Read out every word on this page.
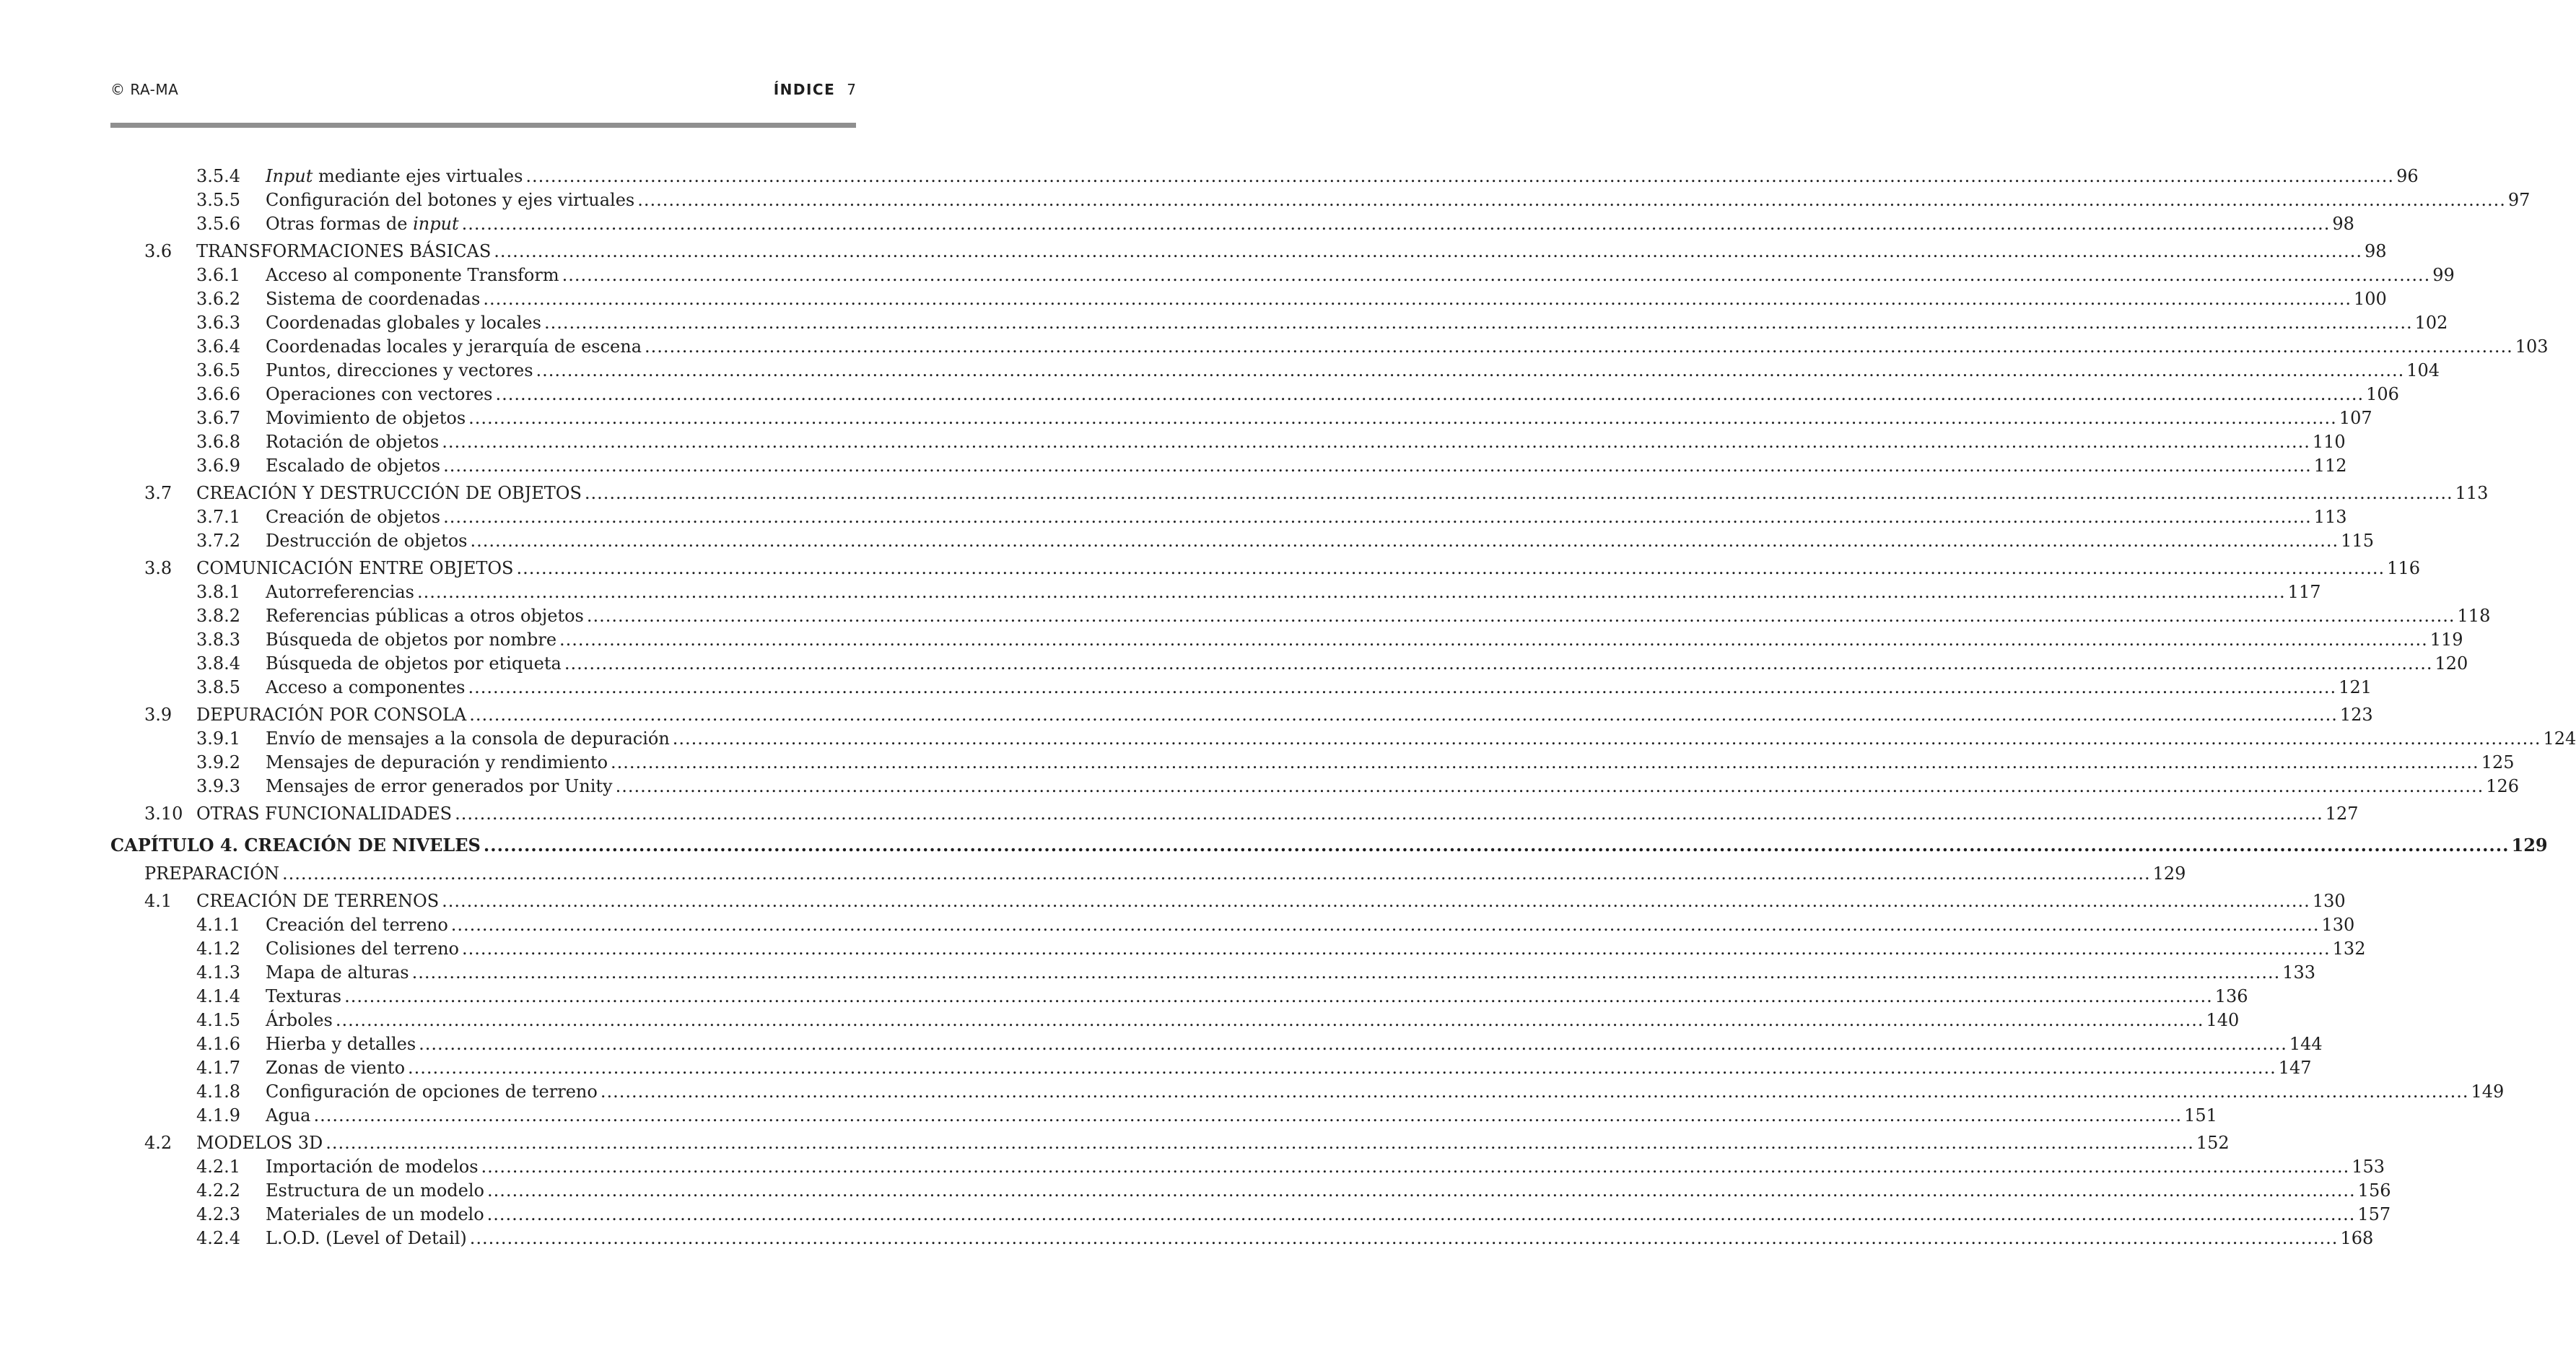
© RA-MA	ÍNDICE 7
3.5.4 Input mediante ejes virtuales ............................................................................................................................................................................................................................................................................................................ 96
3.5.5 Configuración del botones y ejes virtuales ............................................................................................................................................................................................................................................................................................................ 97
3.5.6 Otras formas de input ............................................................................................................................................................................................................................................................................................................ 98
3.6 TRANSFORMACIONES BÁSICAS ............................................................................................................................................................................................................................................................................................................ 98
3.6.1 Acceso al componente Transform ............................................................................................................................................................................................................................................................................................................ 99
3.6.2 Sistema de coordenadas ............................................................................................................................................................................................................................................................................................................ 100
3.6.3 Coordenadas globales y locales ............................................................................................................................................................................................................................................................................................................ 102
3.6.4 Coordenadas locales y jerarquía de escena ............................................................................................................................................................................................................................................................................................................ 103
3.6.5 Puntos, direcciones y vectores ............................................................................................................................................................................................................................................................................................................ 104
3.6.6 Operaciones con vectores ............................................................................................................................................................................................................................................................................................................ 106
3.6.7 Movimiento de objetos ............................................................................................................................................................................................................................................................................................................ 107
3.6.8 Rotación de objetos ............................................................................................................................................................................................................................................................................................................ 110
3.6.9 Escalado de objetos ............................................................................................................................................................................................................................................................................................................ 112
3.7 CREACIÓN Y DESTRUCCIÓN DE OBJETOS ............................................................................................................................................................................................................................................................................................................ 113
3.7.1 Creación de objetos ............................................................................................................................................................................................................................................................................................................ 113
3.7.2 Destrucción de objetos ............................................................................................................................................................................................................................................................................................................ 115
3.8 COMUNICACIÓN ENTRE OBJETOS ............................................................................................................................................................................................................................................................................................................ 116
3.8.1 Autorreferencias ............................................................................................................................................................................................................................................................................................................ 117
3.8.2 Referencias públicas a otros objetos ............................................................................................................................................................................................................................................................................................................ 118
3.8.3 Búsqueda de objetos por nombre ............................................................................................................................................................................................................................................................................................................ 119
3.8.4 Búsqueda de objetos por etiqueta ............................................................................................................................................................................................................................................................................................................ 120
3.8.5 Acceso a componentes ............................................................................................................................................................................................................................................................................................................ 121
3.9 DEPURACIÓN POR CONSOLA ............................................................................................................................................................................................................................................................................................................ 123
3.9.1 Envío de mensajes a la consola de depuración ............................................................................................................................................................................................................................................................................................................ 124
3.9.2 Mensajes de depuración y rendimiento ............................................................................................................................................................................................................................................................................................................ 125
3.9.3 Mensajes de error generados por Unity ............................................................................................................................................................................................................................................................................................................ 126
3.10 OTRAS FUNCIONALIDADES ............................................................................................................................................................................................................................................................................................................ 127
CAPÍTULO 4. CREACIÓN DE NIVELES ............................................................................................................................................................................................................................................................................................................ 129
PREPARACIÓN ............................................................................................................................................................................................................................................................................................................ 129
4.1 CREACIÓN DE TERRENOS ............................................................................................................................................................................................................................................................................................................ 130
4.1.1 Creación del terreno ............................................................................................................................................................................................................................................................................................................ 130
4.1.2 Colisiones del terreno ............................................................................................................................................................................................................................................................................................................ 132
4.1.3 Mapa de alturas ............................................................................................................................................................................................................................................................................................................ 133
4.1.4 Texturas ............................................................................................................................................................................................................................................................................................................ 136
4.1.5 Árboles ............................................................................................................................................................................................................................................................................................................ 140
4.1.6 Hierba y detalles ............................................................................................................................................................................................................................................................................................................ 144
4.1.7 Zonas de viento ............................................................................................................................................................................................................................................................................................................ 147
4.1.8 Configuración de opciones de terreno ............................................................................................................................................................................................................................................................................................................ 149
4.1.9 Agua ............................................................................................................................................................................................................................................................................................................ 151
4.2 MODELOS 3D ............................................................................................................................................................................................................................................................................................................ 152
4.2.1 Importación de modelos ............................................................................................................................................................................................................................................................................................................ 153
4.2.2 Estructura de un modelo ............................................................................................................................................................................................................................................................................................................ 156
4.2.3 Materiales de un modelo ............................................................................................................................................................................................................................................................................................................ 157
4.2.4 L.O.D. (Level of Detail) ............................................................................................................................................................................................................................................................................................................ 168
